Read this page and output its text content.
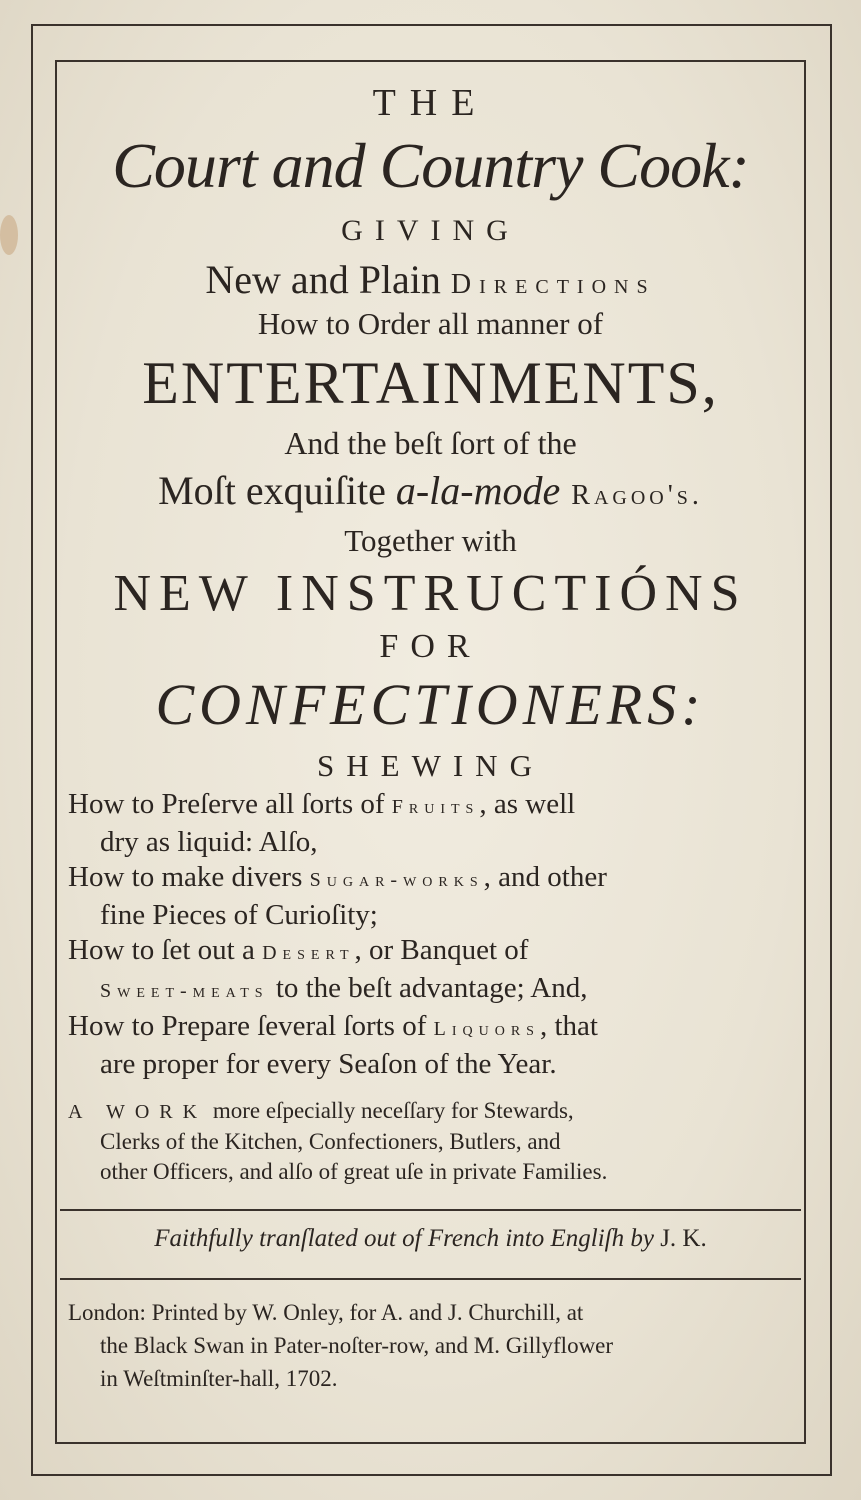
THE

Court and Country Cook:

GIVING

New and Plain Directions

How to Order all manner of

ENTERTAINMENTS,

And the beſt ſort of the

Moſt exquiſite a-la-mode Ragoo's.

Together with

NEW INSTRUCTIÓNS

FOR

CONFECTIONERS:

SHEWING

How to Preſerve all ſorts of Fruits, as well
dry as liquid: Alſo,

How to make divers Sugar-works, and other
fine Pieces of Curioſity;

How to ſet out a Desert, or Banquet of
Sweet-meats to the beſt advantage; And,

How to Prepare ſeveral ſorts of Liquors, that
are proper for every Seaſon of the Year.

A WORK more eſpecially neceſſary for Stewards,
Clerks of the Kitchen, Confectioners, Butlers, and
other Officers, and alſo of great uſe in private Families.

Faithfully tranſlated out of French into Engliſh by J. K.

London: Printed by W. Onley, for A. and J. Churchill, at
the Black Swan in Pater-noſter-row, and M. Gillyflower
in Weſtminſter-hall, 1702.
